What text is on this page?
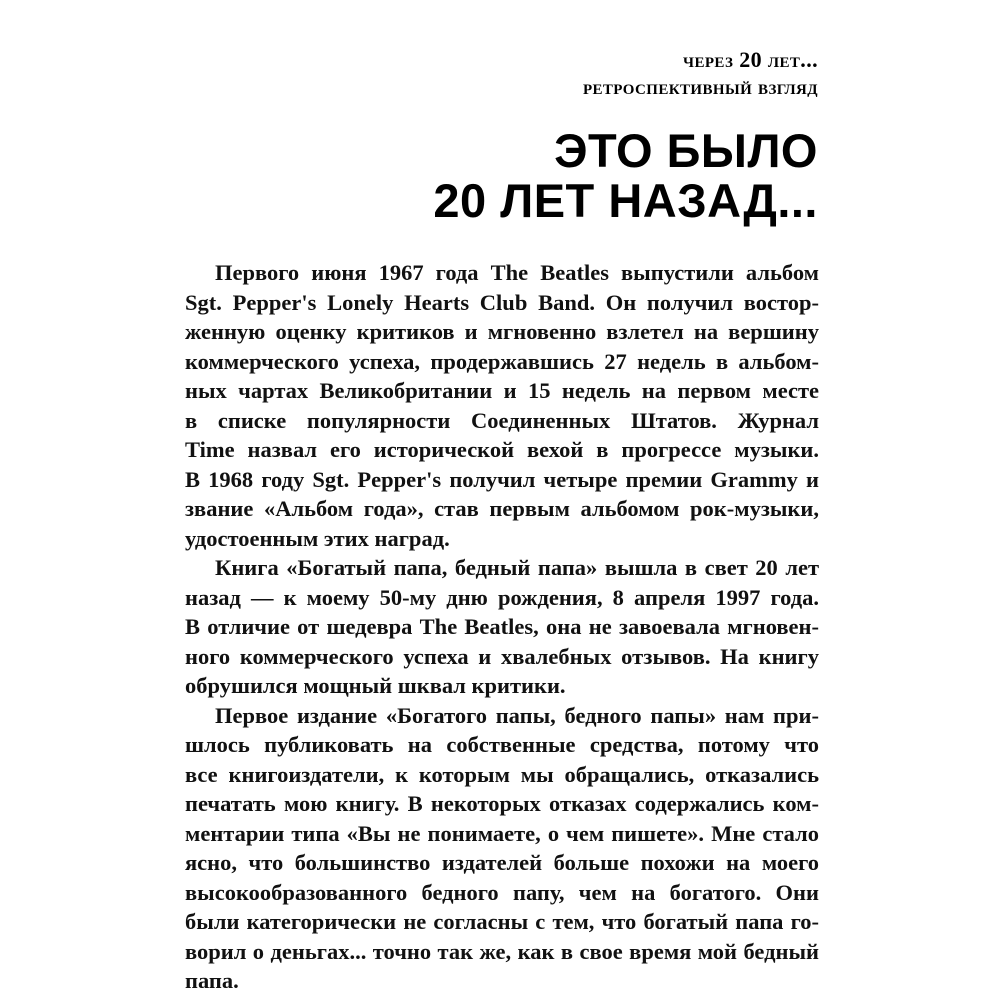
через 20 лет...
ретроспективный взгляд
ЭТО БЫЛО
20 ЛЕТ НАЗАД...

Первого июня 1967 года The Beatles выпустили альбом
Sgt. Pepper's Lonely Hearts Club Band. Он получил востор-
женную оценку критиков и мгновенно взлетел на вершину
коммерческого успеха, продержавшись 27 недель в альбом-
ных чартах Великобритании и 15 недель на первом месте
в списке популярности Соединенных Штатов. Журнал
Time назвал его исторической вехой в прогрессе музыки.
В 1968 году Sgt. Pepper's получил четыре премии Grammy и
звание «Альбом года», став первым альбомом рок-музыки,
удостоенным этих наград.

Книга «Богатый папа, бедный папа» вышла в свет 20 лет
назад — к моему 50-му дню рождения, 8 апреля 1997 года.
В отличие от шедевра The Beatles, она не завоевала мгновен-
ного коммерческого успеха и хвалебных отзывов. На книгу
обрушился мощный шквал критики.

Первое издание «Богатого папы, бедного папы» нам при-
шлось публиковать на собственные средства, потому что
все книгоиздатели, к которым мы обращались, отказались
печатать мою книгу. В некоторых отказах содержались ком-
ментарии типа «Вы не понимаете, о чем пишете». Мне стало
ясно, что большинство издателей больше похожи на моего
высокообразованного бедного папу, чем на богатого. Они
были категорически не согласны с тем, что богатый папа го-
ворил о деньгах... точно так же, как в свое время мой бедный
папа.
